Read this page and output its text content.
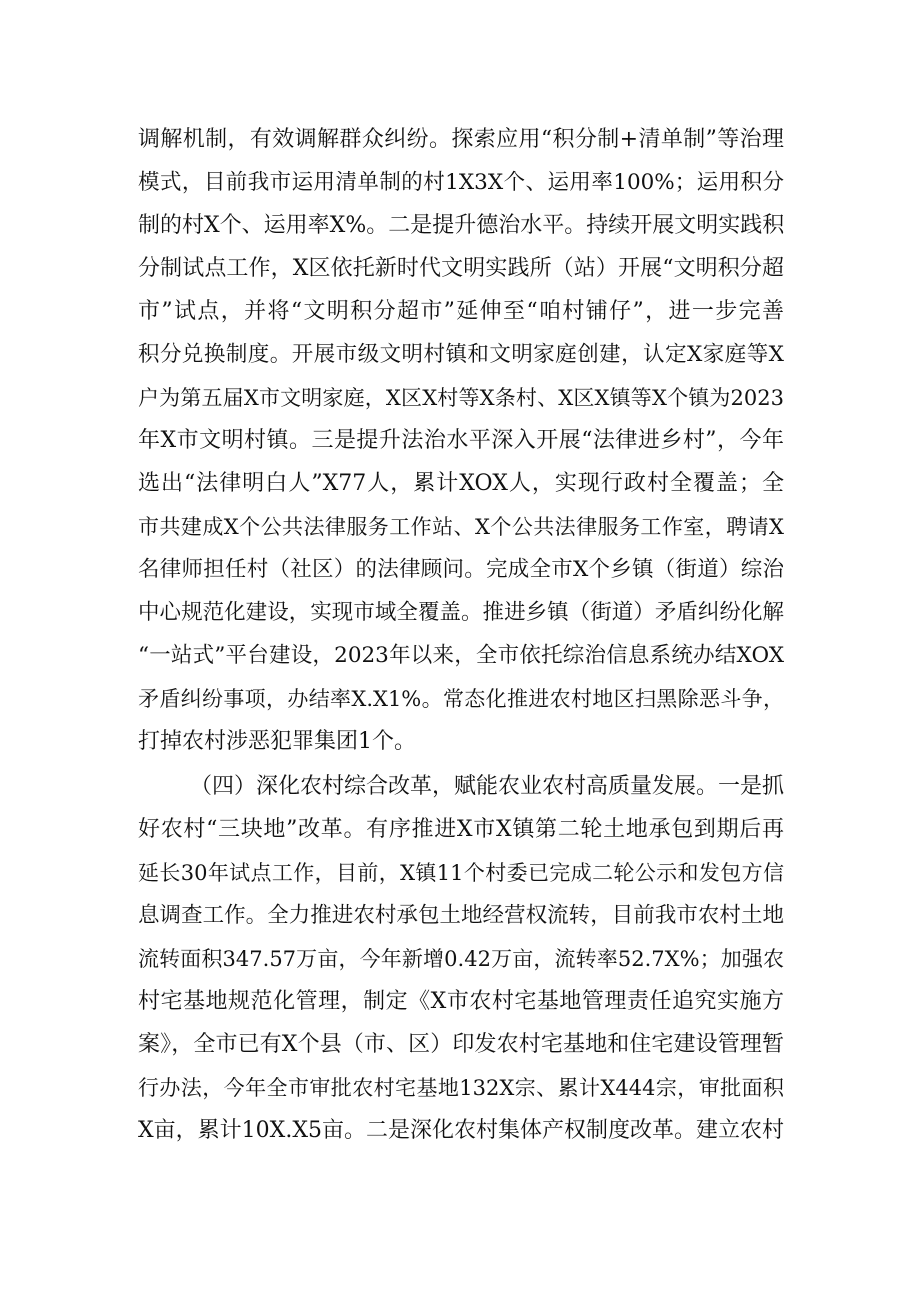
调解机制，有效调解群众纠纷。探索应用“积分制+清单制”等治理

模式，目前我市运用清单制的村1X3X个、运用率100%；运用积分

制的村X个、运用率X%。二是提升德治水平。持续开展文明实践积

分制试点工作，X区依托新时代文明实践所（站）开展“文明积分超

市”试点，并将“文明积分超市”延伸至“咱村铺仔”，进一步完善

积分兑换制度。开展市级文明村镇和文明家庭创建，认定X家庭等X

户为第五届X市文明家庭，X区X村等X条村、X区X镇等X个镇为2023

年X市文明村镇。三是提升法治水平深入开展“法律进乡村”，今年

选出“法律明白人”X77人，累计XOX人，实现行政村全覆盖；全

市共建成X个公共法律服务工作站、X个公共法律服务工作室，聘请X

名律师担任村（社区）的法律顾问。完成全市X个乡镇（街道）综治

中心规范化建设，实现市域全覆盖。推进乡镇（街道）矛盾纠纷化解

“一站式”平台建设，2023年以来，全市依托综治信息系统办结XOX

矛盾纠纷事项，办结率X.X1%。常态化推进农村地区扫黑除恶斗争，

打掉农村涉恶犯罪集团1个。

（四）深化农村综合改革，赋能农业农村高质量发展。一是抓

好农村“三块地”改革。有序推进X市X镇第二轮土地承包到期后再

延长30年试点工作，目前，X镇11个村委已完成二轮公示和发包方信

息调查工作。全力推进农村承包土地经营权流转，目前我市农村土地

流转面积347.57万亩，今年新增0.42万亩，流转率52.7X%；加强农

村宅基地规范化管理，制定《X市农村宅基地管理责任追究实施方

案》，全市已有X个县（市、区）印发农村宅基地和住宅建设管理暂

行办法，今年全市审批农村宅基地132X宗、累计X444宗，审批面积

X亩，累计10X.X5亩。二是深化农村集体产权制度改革。建立农村
